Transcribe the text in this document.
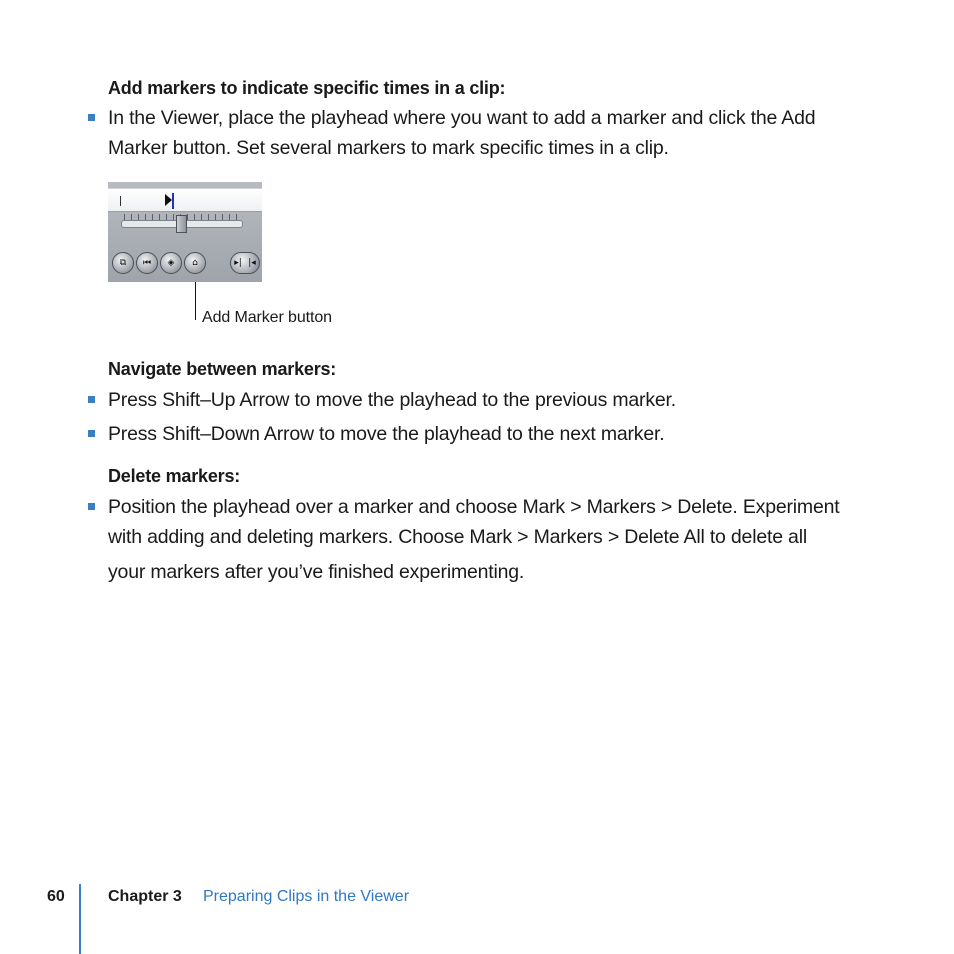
Add markers to indicate specific times in a clip:
In the Viewer, place the playhead where you want to add a marker and click the Add
Marker button. Set several markers to mark specific times in a clip.
⧉	⏮	◈	⌂	▸| |◂
Add Marker button
Navigate between markers:
Press Shift–Up Arrow to move the playhead to the previous marker.
Press Shift–Down Arrow to move the playhead to the next marker.
Delete markers:
Position the playhead over a marker and choose Mark > Markers > Delete. Experiment
with adding and deleting markers. Choose Mark > Markers > Delete All to delete all
your markers after you’ve finished experimenting.
60	Chapter 3 Preparing Clips in the Viewer
